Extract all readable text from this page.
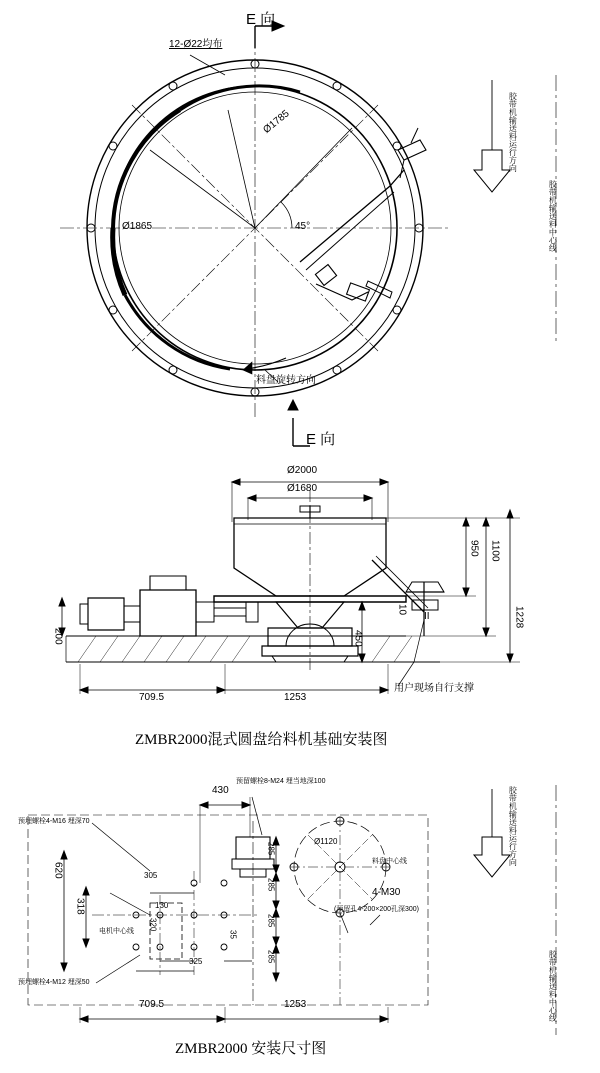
E 向
12-Ø22均布
Ø1785
Ø1865	45°
料盘旋转方向
E 向
胶带机输送料运行方向
胶带机输送料中心线
Ø2000
Ø1680
950 1100
1228
450
200
10
II
709.5	1253
用户现场自行支撑
ZMBR2000混式圆盘给料机基础安装图
预埋螺栓4-M16 埋深70
预埋螺栓4-M12 埋深50
预留螺栓8-M24 埋当地深100
电机中心线
料盘中心线
Ø1120
4-M30
(预留孔4-200×200孔深300)
430
620
318
305
320
130
325
35
285
285
285
285
709.5	1253
胶带机输送料运行方向
胶带机输送料中心线
ZMBR2000 安装尺寸图
